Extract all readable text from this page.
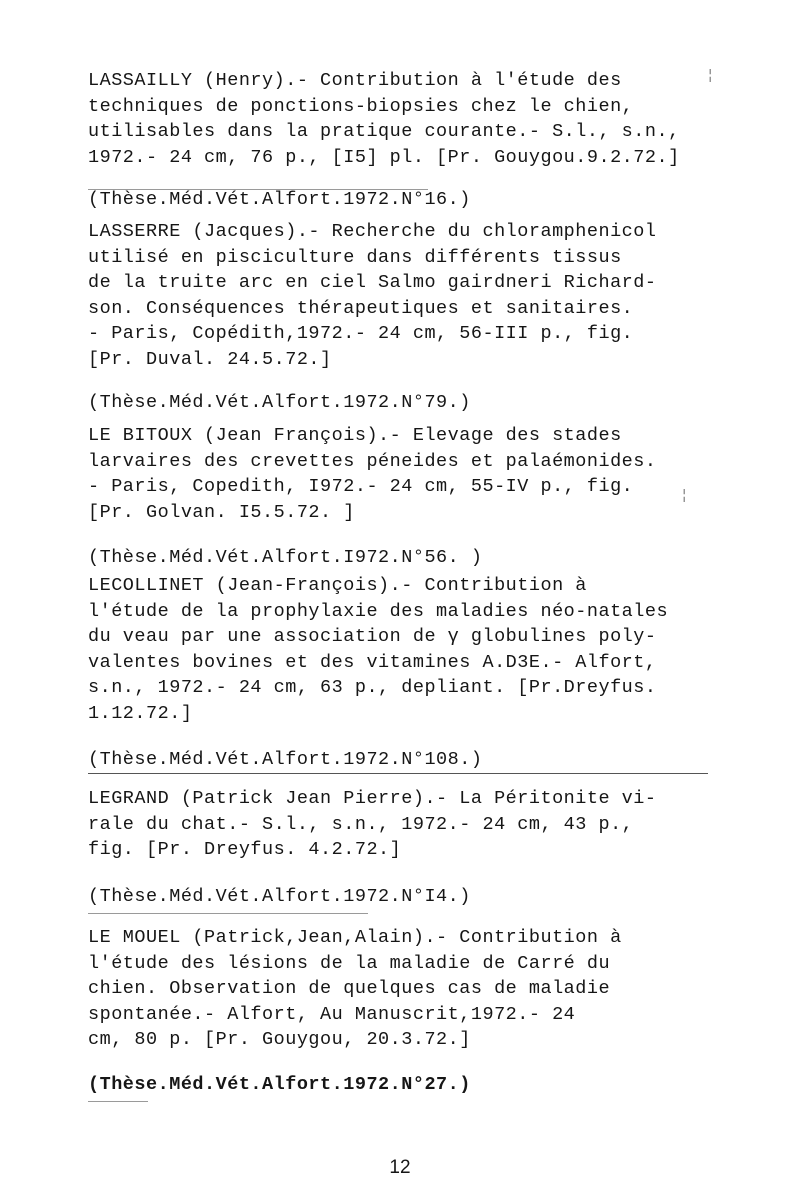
LASSAILLY (Henry).- Contribution à l'étude des

techniques de ponctions-biopsies chez le chien,

utilisables dans la pratique courante.- S.l., s.n.,

1972.- 24 cm, 76 p., [I5] pl. [Pr. Gouygou.9.2.72.]

(Thèse.Méd.Vét.Alfort.1972.N°16.)

LASSERRE (Jacques).- Recherche du chloramphenicol

utilisé en pisciculture dans différents tissus

de la truite arc en ciel Salmo gairdneri Richard-

son. Conséquences thérapeutiques et sanitaires.

- Paris, Copédith,1972.- 24 cm, 56-III p., fig.

[Pr. Duval. 24.5.72.]

(Thèse.Méd.Vét.Alfort.1972.N°79.)

LE BITOUX (Jean François).- Elevage des stades

larvaires des crevettes péneides et palaémonides.

- Paris, Copedith, I972.- 24 cm, 55-IV p., fig.

[Pr. Golvan. I5.5.72. ]

(Thèse.Méd.Vét.Alfort.I972.N°56. )

LECOLLINET (Jean-François).- Contribution à

l'étude de la prophylaxie des maladies néo-natales

du veau par une association de γ globulines poly-

valentes bovines et des vitamines A.D3E.- Alfort,

s.n., 1972.- 24 cm, 63 p., depliant. [Pr.Dreyfus.

1.12.72.]

(Thèse.Méd.Vét.Alfort.1972.N°108.)

LEGRAND (Patrick Jean Pierre).- La Péritonite vi-

rale du chat.- S.l., s.n., 1972.- 24 cm, 43 p.,

fig. [Pr. Dreyfus. 4.2.72.]

(Thèse.Méd.Vét.Alfort.1972.N°I4.)

LE MOUEL (Patrick,Jean,Alain).- Contribution à

l'étude des lésions de la maladie de Carré du

chien. Observation de quelques cas de maladie

spontanée.- Alfort, Au Manuscrit,1972.- 24

cm, 80 p. [Pr. Gouygou, 20.3.72.]

(Thèse.Méd.Vét.Alfort.1972.N°27.)
¦
¦
12
